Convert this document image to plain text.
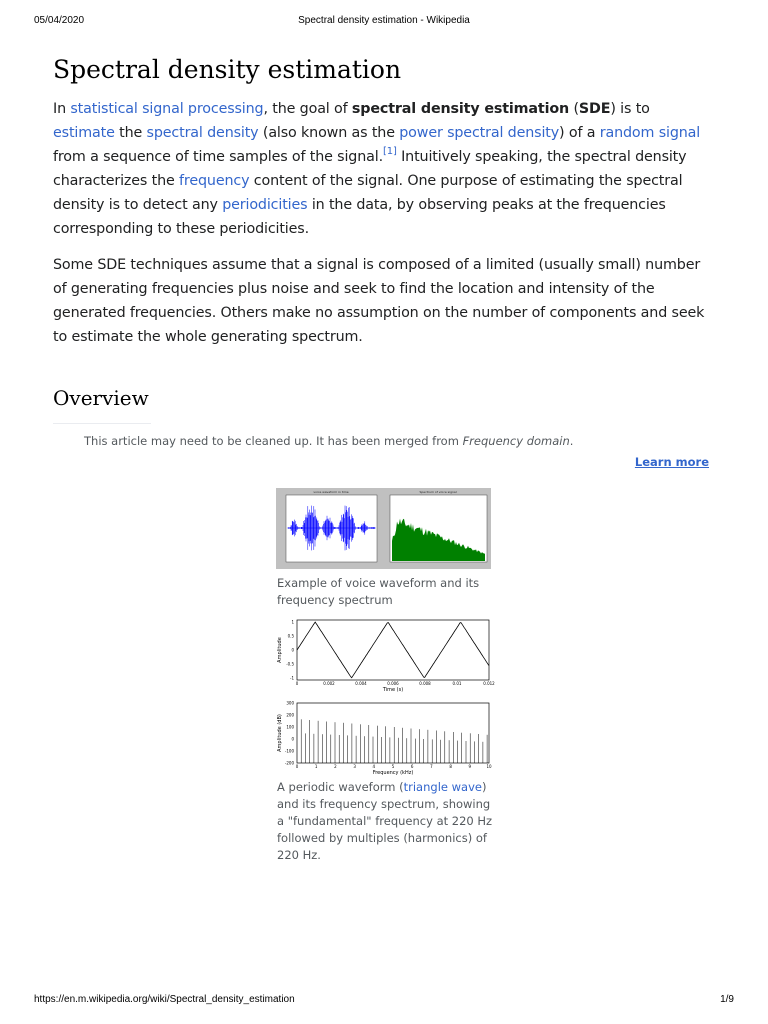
05/04/2020	Spectral density estimation - Wikipedia
Spectral density estimation

In statistical signal processing, the goal of spectral density estimation (SDE) is to estimate the spectral density (also known as the power spectral density) of a random signal from a sequence of time samples of the signal.[1] Intuitively speaking, the spectral density characterizes the frequency content of the signal. One purpose of estimating the spectral density is to detect any periodicities in the data, by observing peaks at the frequencies corresponding to these periodicities.

Some SDE techniques assume that a signal is composed of a limited (usually small) number of generating frequencies plus noise and seek to find the location and intensity of the generated frequencies. Others make no assumption on the number of components and seek to estimate the whole generating spectrum.

Overview
This article may need to be cleaned up. It has been merged from Frequency domain.
Learn more
voice waveform in time	Spectrum of voice signal
Example of voice waveform and its frequency spectrum
1
0.5
0
-0.5
-1
0	0.002	0.004	0.006	0.008	0.01	0.012
Amplitude
Time (s)
300
200
100
0
-100
-200
0	1	2	3	4	5	6	7	8	9	10
Amplitude (dB)
Frequency (kHz)
A periodic waveform (triangle wave) and its frequency spectrum, showing a "fundamental" frequency at 220 Hz followed by multiples (harmonics) of 220 Hz.
https://en.m.wikipedia.org/wiki/Spectral_density_estimation	1/9
